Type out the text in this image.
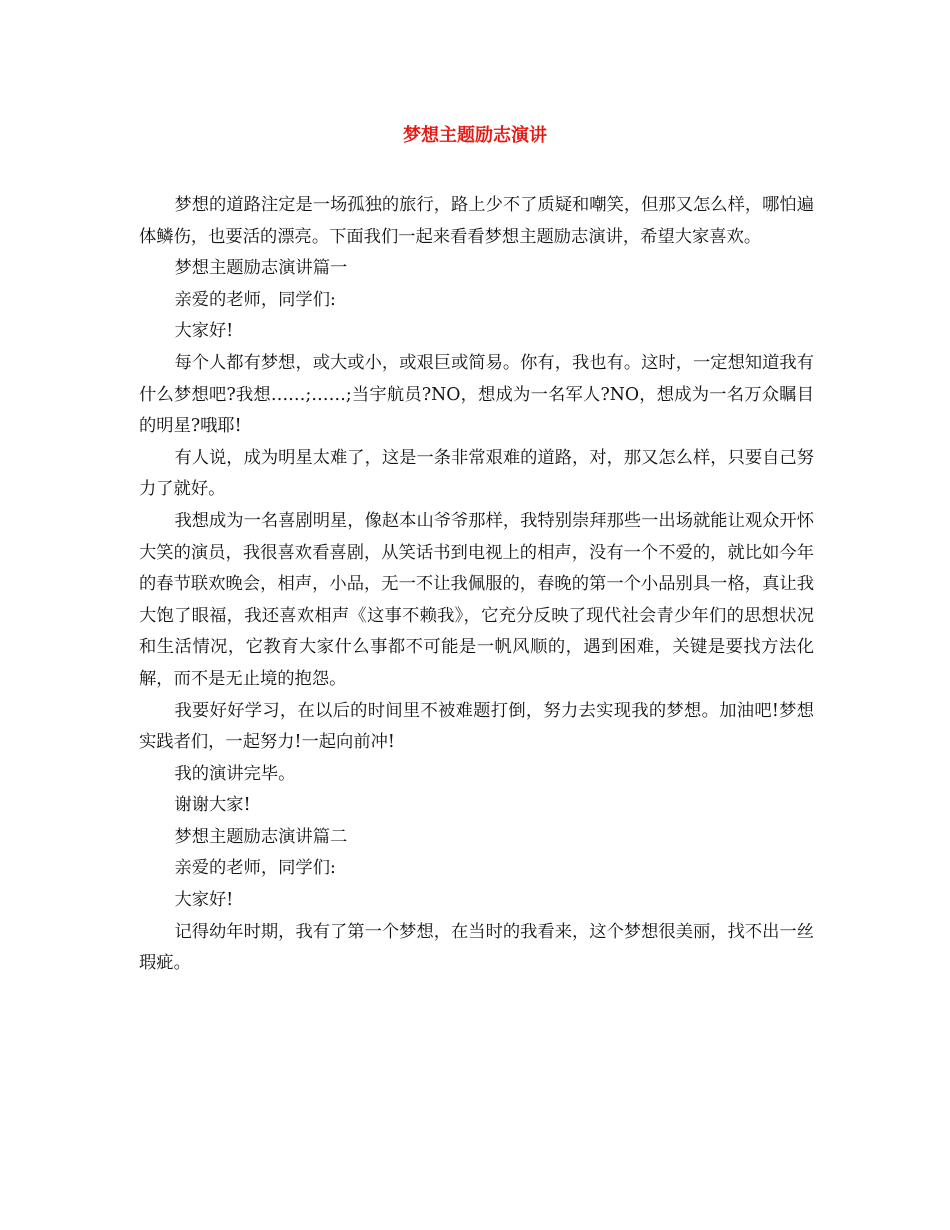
梦想主题励志演讲

梦想的道路注定是一场孤独的旅行，路上少不了质疑和嘲笑，但那又怎么样，哪怕遍体鳞伤，也要活的漂亮。下面我们一起来看看梦想主题励志演讲，希望大家喜欢。

梦想主题励志演讲篇一

亲爱的老师，同学们:

大家好!

每个人都有梦想，或大或小，或艰巨或简易。你有，我也有。这时，一定想知道我有什么梦想吧?我想……;……;当宇航员?NO，想成为一名军人?NO，想成为一名万众瞩目的明星?哦耶!

有人说，成为明星太难了，这是一条非常艰难的道路，对，那又怎么样，只要自己努力了就好。

我想成为一名喜剧明星，像赵本山爷爷那样，我特别崇拜那些一出场就能让观众开怀大笑的演员，我很喜欢看喜剧，从笑话书到电视上的相声，没有一个不爱的，就比如今年的春节联欢晚会，相声，小品，无一不让我佩服的，春晚的第一个小品别具一格，真让我大饱了眼福，我还喜欢相声《这事不赖我》，它充分反映了现代社会青少年们的思想状况和生活情况，它教育大家什么事都不可能是一帆风顺的，遇到困难，关键是要找方法化解，而不是无止境的抱怨。

我要好好学习，在以后的时间里不被难题打倒，努力去实现我的梦想。加油吧!梦想实践者们，一起努力!一起向前冲!

我的演讲完毕。

谢谢大家!

梦想主题励志演讲篇二

亲爱的老师，同学们:

大家好!

记得幼年时期，我有了第一个梦想，在当时的我看来，这个梦想很美丽，找不出一丝瑕疵。
